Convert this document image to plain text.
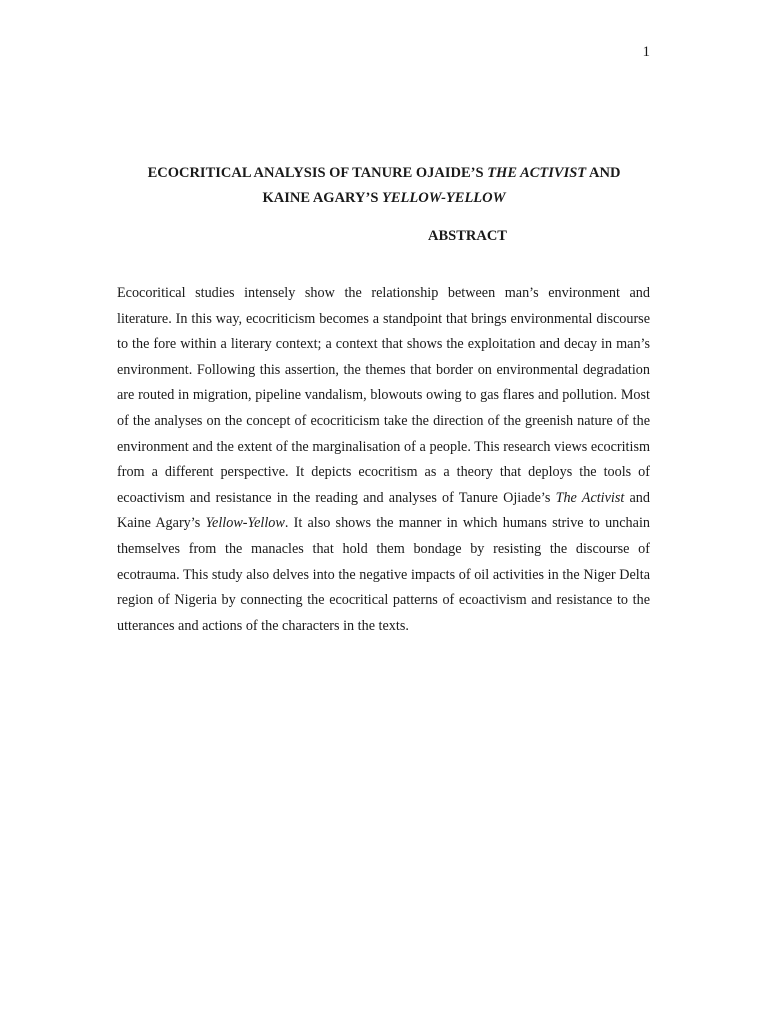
1
ECOCRITICAL ANALYSIS OF TANURE OJAIDE’S THE ACTIVIST AND
KAINE AGARY’S YELLOW-YELLOW
ABSTRACT

Ecocoritical studies intensely show the relationship between man’s environment and literature. In this way, ecocriticism becomes a standpoint that brings environmental discourse to the fore within a literary context; a context that shows the exploitation and decay in man’s environment. Following this assertion, the themes that border on environmental degradation are routed in migration, pipeline vandalism, blowouts owing to gas flares and pollution. Most of the analyses on the concept of ecocriticism take the direction of the greenish nature of the environment and the extent of the marginalisation of a people. This research views ecocritism from a different perspective. It depicts ecocritism as a theory that deploys the tools of ecoactivism and resistance in the reading and analyses of Tanure Ojiade’s The Activist and Kaine Agary’s Yellow-Yellow. It also shows the manner in which humans strive to unchain themselves from the manacles that hold them bondage by resisting the discourse of ecotrauma. This study also delves into the negative impacts of oil activities in the Niger Delta region of Nigeria by connecting the ecocritical patterns of ecoactivism and resistance to the utterances and actions of the characters in the texts.
